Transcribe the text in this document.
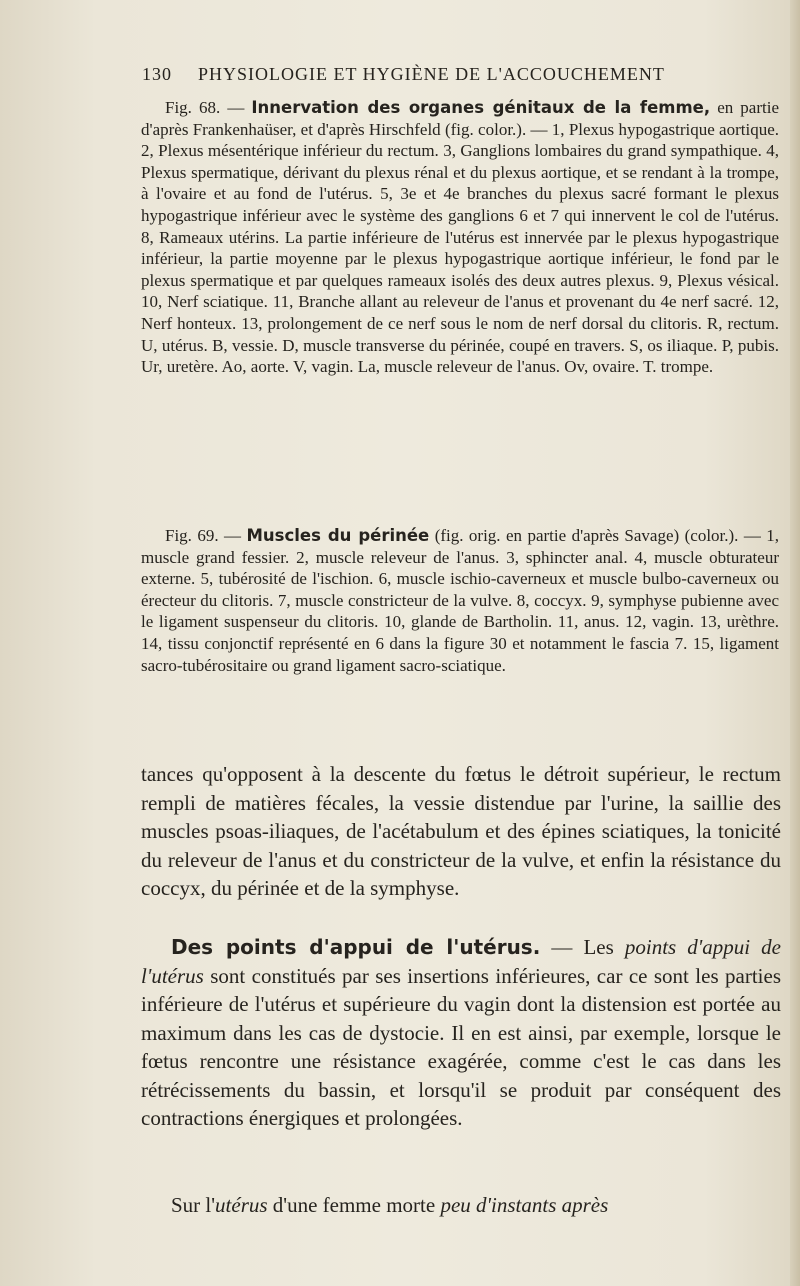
130 PHYSIOLOGIE ET HYGIÈNE DE L'ACCOUCHEMENT
Fig. 68. — Innervation des organes génitaux de la femme, en partie d'après Frankenhaüser, et d'après Hirschfeld (fig. color.). — 1, Plexus hypogastrique aortique. 2, Plexus mésentérique inférieur du rectum. 3, Ganglions lombaires du grand sympathique. 4, Plexus spermatique, dérivant du plexus rénal et du plexus aortique, et se rendant à la trompe, à l'ovaire et au fond de l'utérus. 5, 3e et 4e branches du plexus sacré formant le plexus hypogastrique inférieur avec le système des ganglions 6 et 7 qui innervent le col de l'utérus. 8, Rameaux utérins. La partie inférieure de l'utérus est innervée par le plexus hypogastrique inférieur, la partie moyenne par le plexus hypogastrique aortique inférieur, le fond par le plexus spermatique et par quelques rameaux isolés des deux autres plexus. 9, Plexus vésical. 10, Nerf sciatique. 11, Branche allant au releveur de l'anus et provenant du 4e nerf sacré. 12, Nerf honteux. 13, prolongement de ce nerf sous le nom de nerf dorsal du clitoris. R, rectum. U, utérus. B, vessie. D, muscle transverse du périnée, coupé en travers. S, os iliaque. P, pubis. Ur, uretère. Ao, aorte. V, vagin. La, muscle releveur de l'anus. Ov, ovaire. T. trompe.
Fig. 69. — Muscles du périnée (fig. orig. en partie d'après Savage) (color.). — 1, muscle grand fessier. 2, muscle releveur de l'anus. 3, sphincter anal. 4, muscle obturateur externe. 5, tubérosité de l'ischion. 6, muscle ischio-caverneux et muscle bulbo-caverneux ou érecteur du clitoris. 7, muscle constricteur de la vulve. 8, coccyx. 9, symphyse pubienne avec le ligament suspenseur du clitoris. 10, glande de Bartholin. 11, anus. 12, vagin. 13, urèthre. 14, tissu conjonctif représenté en 6 dans la figure 30 et notamment le fascia 7. 15, ligament sacro-tubérositaire ou grand ligament sacro-sciatique.
tances qu'opposent à la descente du fœtus le détroit supérieur, le rectum rempli de matières fécales, la vessie distendue par l'urine, la saillie des muscles psoas-iliaques, de l'acétabulum et des épines sciatiques, la tonicité du releveur de l'anus et du constricteur de la vulve, et enfin la résistance du coccyx, du périnée et de la symphyse.
Des points d'appui de l'utérus. — Les points d'appui de l'utérus sont constitués par ses insertions inférieures, car ce sont les parties inférieure de l'utérus et supérieure du vagin dont la distension est portée au maximum dans les cas de dystocie. Il en est ainsi, par exemple, lorsque le fœtus rencontre une résistance exagérée, comme c'est le cas dans les rétrécissements du bassin, et lorsqu'il se produit par conséquent des contractions énergiques et prolongées.
Sur l'utérus d'une femme morte peu d'instants après
